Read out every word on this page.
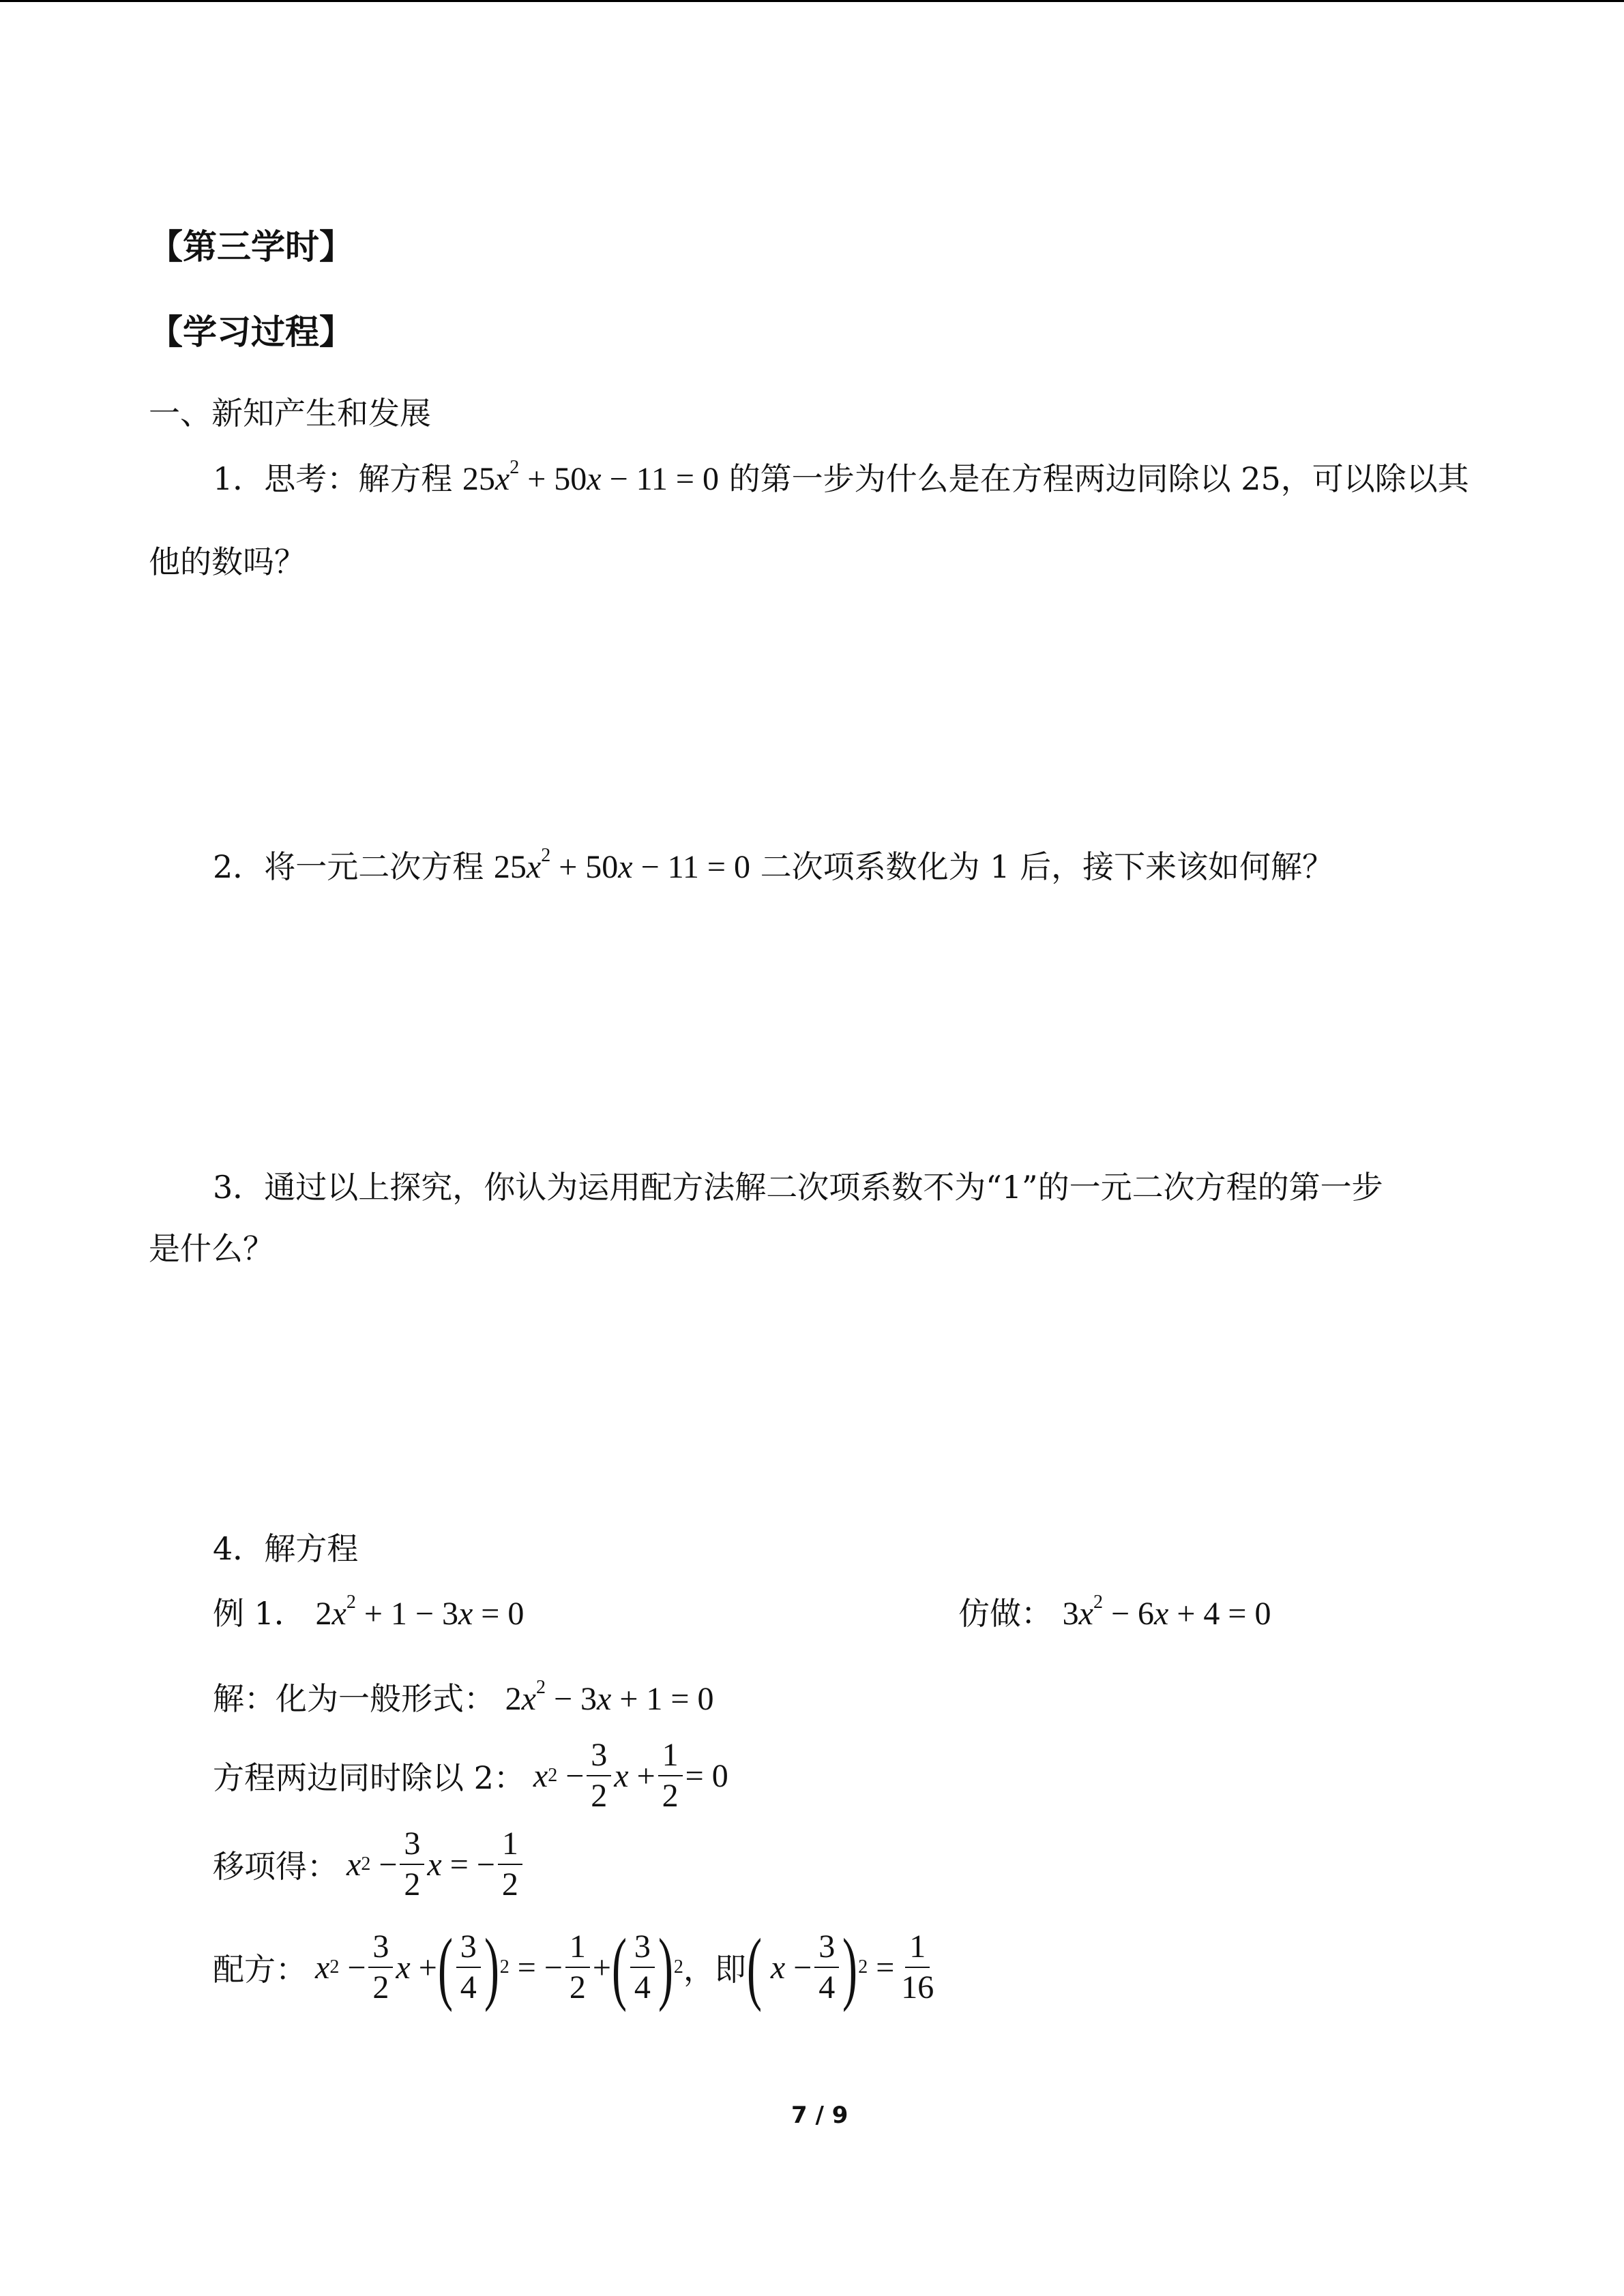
【第三学时】
【学习过程】
一、新知产生和发展
1．思考：解方程 $25x^2 + 50x - 11 = 0$ 的第一步为什么是在方程两边同除以 25，可以除以其
他的数吗？
2．将一元二次方程 $25x^2 + 50x - 11 = 0$ 二次项系数化为 1 后，接下来该如何解？
3．通过以上探究，你认为运用配方法解二次项系数不为“1”的一元二次方程的第一步
是什么？
4．解方程
例 1． $2x^2 + 1 - 3x = 0$	仿做： $3x^2 - 6x + 4 = 0$
解：化为一般形式： $2x^2 - 3x + 1 = 0$
方程两边同时除以 2：
x $2 - \frac{3}{2}$ $x + \frac{1}{2} = 0$
移项得：
x $2 - \frac{3}{2}$ x = − $\frac{1}{2}$
配方：
x $2 - \frac{3}{2}$ x + ( $\frac{3}{4}$ ) 2 = − $\frac{1}{2}$ + ( $\frac{3}{4}$ ) 2 ，即 (
$x - \frac{3}{4}$ ) $2 = \frac{1}{16}$
7 / 9
